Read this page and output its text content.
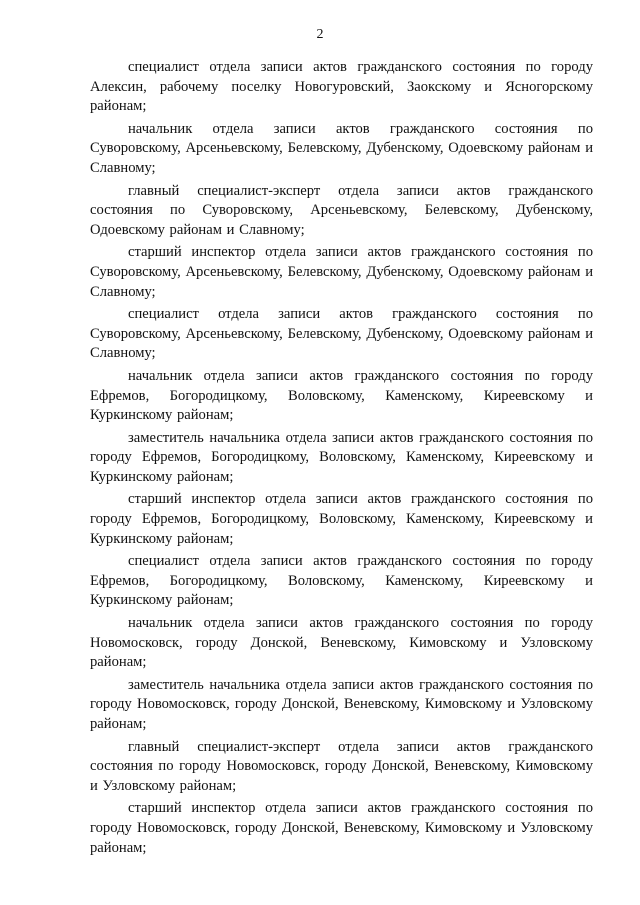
2

специалист отдела записи актов гражданского состояния по городу Алексин, рабочему поселку Новогуровский, Заокскому и Ясногорскому районам;

начальник отдела записи актов гражданского состояния по Суворовскому, Арсеньевскому, Белевскому, Дубенскому, Одоевскому районам и Славному;

главный специалист-эксперт отдела записи актов гражданского состояния по Суворовскому, Арсеньевскому, Белевскому, Дубенскому, Одоевскому районам и Славному;

старший инспектор отдела записи актов гражданского состояния по Суворовскому, Арсеньевскому, Белевскому, Дубенскому, Одоевскому районам и Славному;

специалист отдела записи актов гражданского состояния по Суворовскому, Арсеньевскому, Белевскому, Дубенскому, Одоевскому районам и Славному;

начальник отдела записи актов гражданского состояния по городу Ефремов, Богородицкому, Воловскому, Каменскому, Киреевскому и Куркинскому районам;

заместитель начальника отдела записи актов гражданского состояния по городу Ефремов, Богородицкому, Воловскому, Каменскому, Киреевскому и Куркинскому районам;

старший инспектор отдела записи актов гражданского состояния по городу Ефремов, Богородицкому, Воловскому, Каменскому, Киреевскому и Куркинскому районам;

специалист отдела записи актов гражданского состояния по городу Ефремов, Богородицкому, Воловскому, Каменскому, Киреевскому и Куркинскому районам;

начальник отдела записи актов гражданского состояния по городу Новомосковск, городу Донской, Веневскому, Кимовскому и Узловскому районам;

заместитель начальника отдела записи актов гражданского состояния по городу Новомосковск, городу Донской, Веневскому, Кимовскому и Узловскому районам;

главный специалист-эксперт отдела записи актов гражданского состояния по городу Новомосковск, городу Донской, Веневскому, Кимовскому и Узловскому районам;

старший инспектор отдела записи актов гражданского состояния по городу Новомосковск, городу Донской, Веневскому, Кимовскому и Узловскому районам;
